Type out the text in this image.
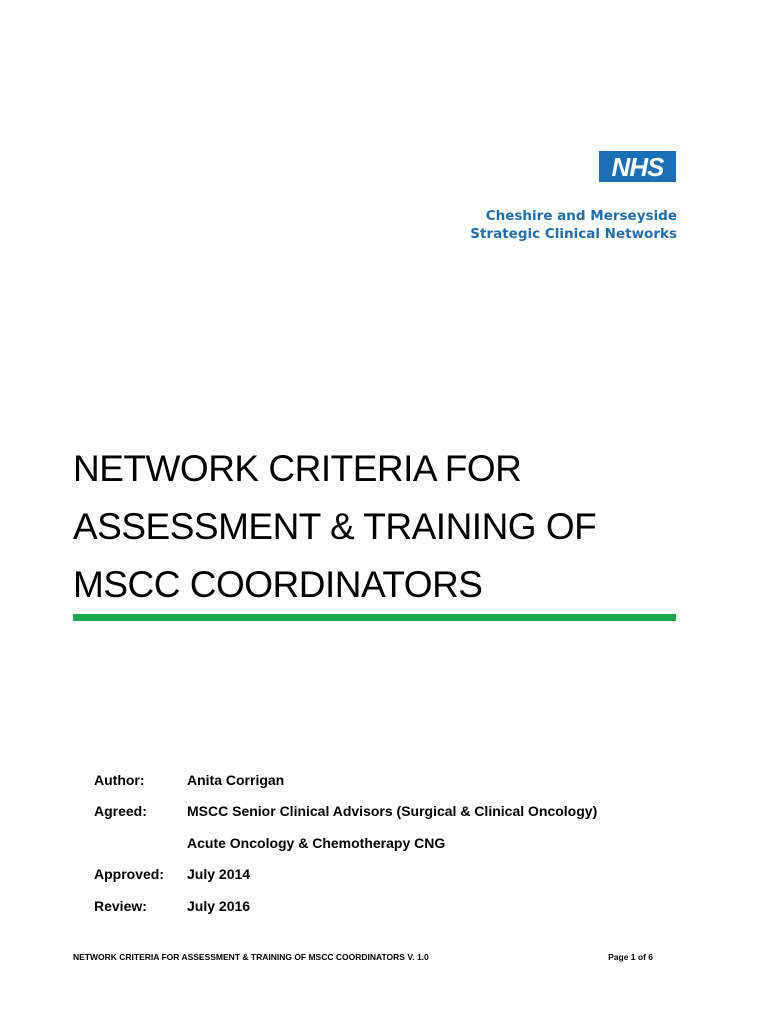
NHS
Cheshire and Merseyside
Strategic Clinical Networks
NETWORK CRITERIA FOR
ASSESSMENT & TRAINING OF
MSCC COORDINATORS
Author:	Anita Corrigan
Agreed:	MSCC Senior Clinical Advisors (Surgical & Clinical Oncology)
Acute Oncology & Chemotherapy CNG
Approved:	July 2014
Review:	July 2016
NETWORK CRITERIA FOR ASSESSMENT & TRAINING OF MSCC COORDINATORS V. 1.0	Page 1 of 6
